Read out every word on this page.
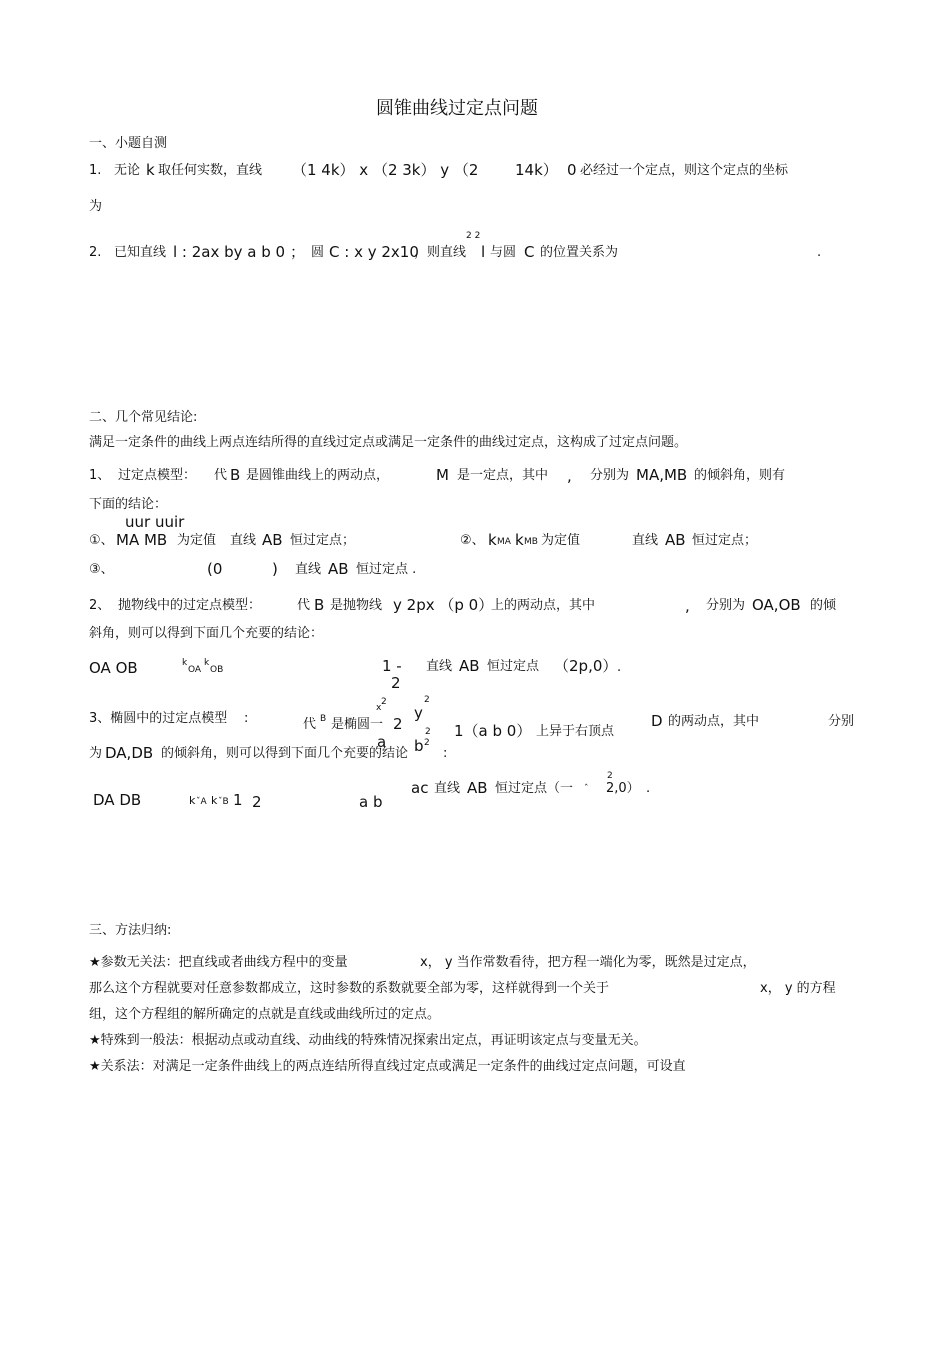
圆锥曲线过定点问题
一、小题自测
1. 无论 k 取任何实数，直线 （1 4k） x （2 3k） y （2 14k） 0 必经过一个定点，则这个定点的坐标
为
2 2
2. 已知直线 l : 2ax by a b 0 ； 圆 C : x y 2x10
，则直线 l 与圆 C 的位置关系为	.
二、几个常见结论:
满足一定条件的曲线上两点连结所得的直线过定点或满足一定条件的曲线过定点，这构成了过定点问题。
1、 过定点模型： 代 B 是圆锥曲线上的两动点，	M 是一定点，其中 , 分别为 MA,MB 的倾斜角，则有
下面的结论：
uur uuir
①、 MA MB 为定值 直线 AB 恒过定点；	②、 k MA k MB 为定值	直线 AB 恒过定点；
③、	(0	) 直线 AB 恒过定点 .
2、 抛物线中的过定点模型：	代 B 是抛物线 y 2px （p 0）
上的两动点，其中	, 分别为 OA,OB 的倾
斜角，则可以得到下面几个充要的结论：
OA OB	k
OA
k
OB	1 -
2
直线 AB 恒过定点 （2p,0） .
2	2
x y
3、椭圆中的过定点模型 :	代 B 是椭圆一 2	D 的两动点，其中	分别
2 1（a b 0） 上异于右顶点
a b 2
为 DA,DB 的倾斜角，则可以得到下面几个充要的结论	:
2
ac 直线 AB 恒过定点（一 ˆ 2,0） .
DA DB	k ˇA k ˇB 1 2	a b
三、方法归纳:
★参数无关法：把直线或者曲线方程中的变量	x， y 当作常数看待，把方程一端化为零，既然是过定点，
那么这个方程就要对任意参数都成立，这时参数的系数就要全部为零，这样就得到一个关于	x， y 的方程
组，这个方程组的解所确定的点就是直线或曲线所过的定点。
★特殊到一般法：根据动点或动直线、动曲线的特殊情况探索出定点，再证明该定点与变量无关。
★关系法：对满足一定条件曲线上的两点连结所得直线过定点或满足一定条件的曲线过定点问题，可设直
